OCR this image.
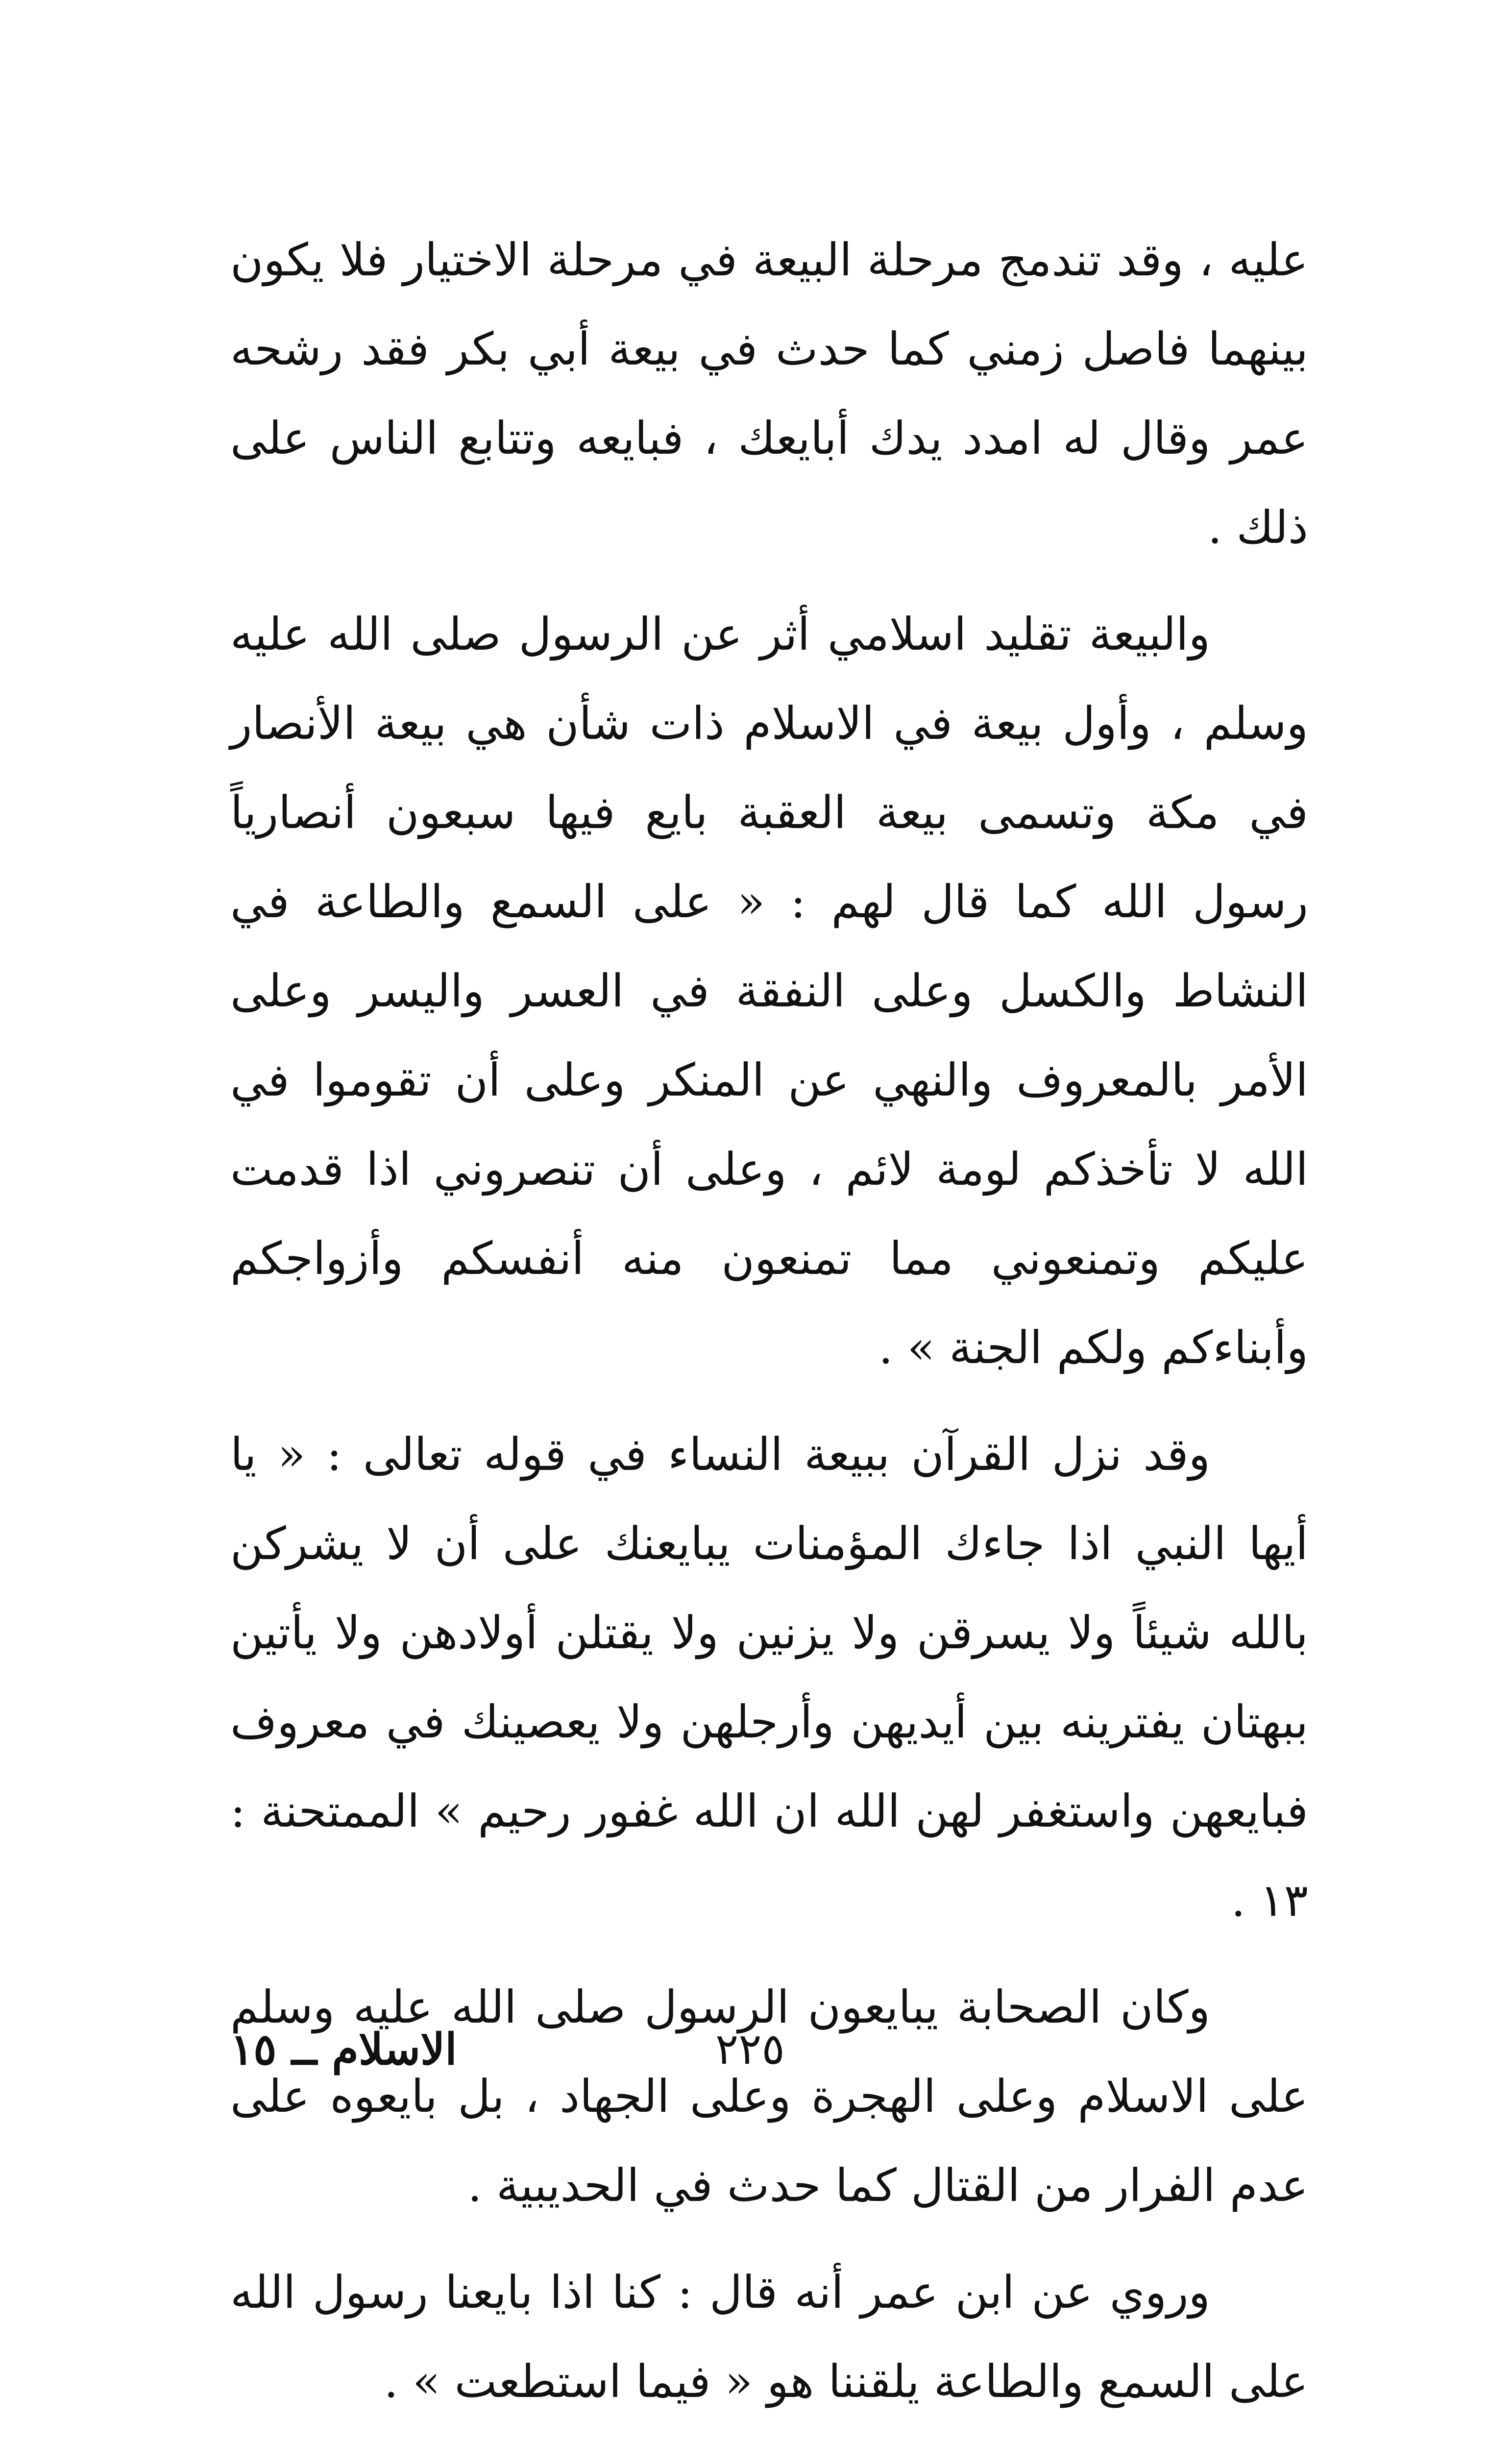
عليه ، وقد تندمج مرحلة البيعة في مرحلة الاختيار فلا يكون بينهما فاصل زمني كما حدث في بيعة أبي بكر فقد رشحه عمر وقال له امدد يدك أبايعك ، فبايعه وتتابع الناس على ذلك .

والبيعة تقليد اسلامي أثر عن الرسول صلى الله عليه وسلم ، وأول بيعة في الاسلام ذات شأن هي بيعة الأنصار في مكة وتسمى بيعة العقبة بايع فيها سبعون أنصارياً رسول الله كما قال لهم : « على السمع والطاعة في النشاط والكسل وعلى النفقة في العسر واليسر وعلى الأمر بالمعروف والنهي عن المنكر وعلى أن تقوموا في الله لا تأخذكم لومة لائم ، وعلى أن تنصروني اذا قدمت عليكم وتمنعوني مما تمنعون منه أنفسكم وأزواجكم وأبناءكم ولكم الجنة » .

وقد نزل القرآن ببيعة النساء في قوله تعالى : « يا أيها النبي اذا جاءك المؤمنات يبايعنك على أن لا يشركن بالله شيئاً ولا يسرقن ولا يزنين ولا يقتلن أولادهن ولا يأتين ببهتان يفترينه بين أيديهن وأرجلهن ولا يعصينك في معروف فبايعهن واستغفر لهن الله ان الله غفور رحيم » الممتحنة : ١٣ .

وكان الصحابة يبايعون الرسول صلى الله عليه وسلم على الاسلام وعلى الهجرة وعلى الجهاد ، بل بايعوه على عدم الفرار من القتال كما حدث في الحديبية .

وروي عن ابن عمر أنه قال : كنا اذا بايعنا رسول الله على السمع والطاعة يلقننا هو « فيما استطعت » .

٢٢٥
الاسلام ــ ١٥
